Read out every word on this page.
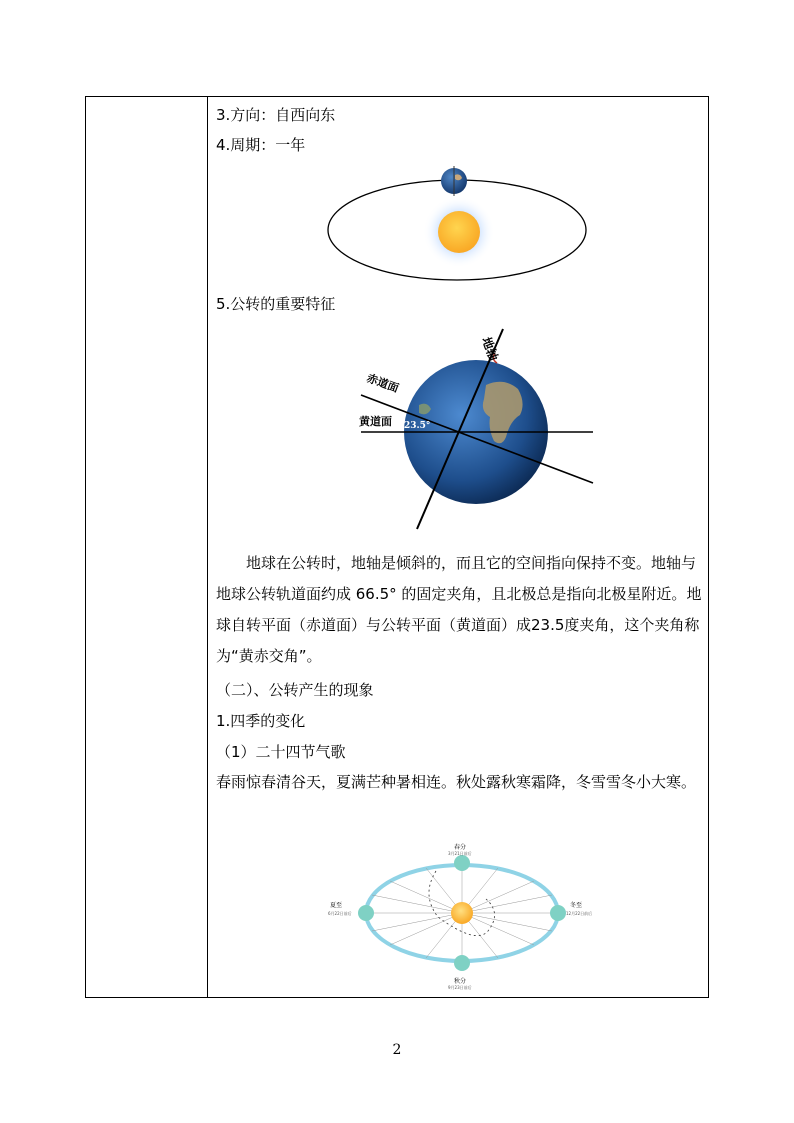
3.方向：自西向东
4.周期：一年
5.公转的重要特征
地轴
赤道面
黄道面 23.5°
　　地球在公转时，地轴是倾斜的，而且它的空间指向保持不变。地轴与地球公转轨道面约成 66.5° 的固定夹角，且北极总是指向北极星附近。地球自转平面（赤道面）与公转平面（黄道面）成23.5度夹角，这个夹角称为“黄赤交角”。
（二）、公转产生的现象
1.四季的变化
（1）二十四节气歌
春雨惊春清谷天，夏满芒种暑相连。秋处露秋寒霜降，冬雪雪冬小大寒。
春分
3月21日前后
夏至
6月22日前后
秋分
9月23日前后
冬至
12月22日前后
2
